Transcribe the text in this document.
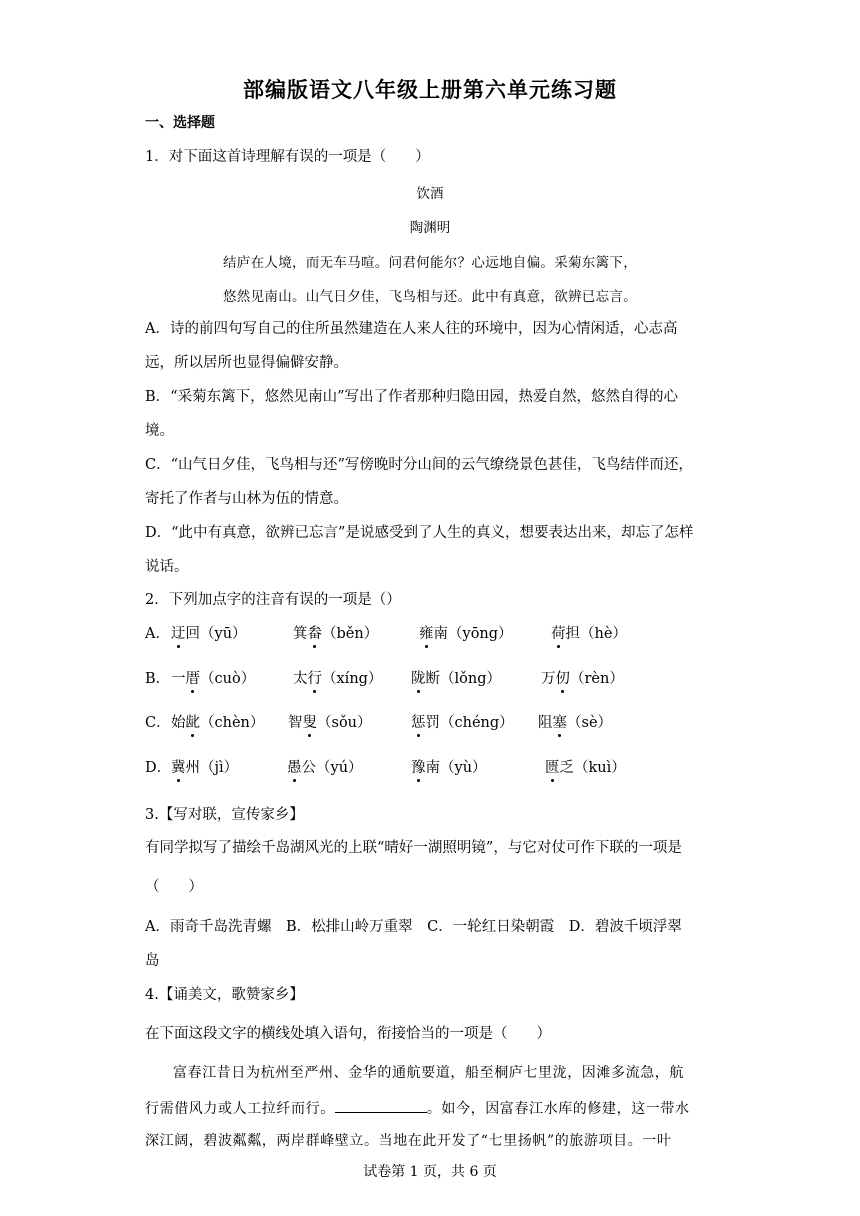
部编版语文八年级上册第六单元练习题
一、选择题
1．对下面这首诗理解有误的一项是（　　）
饮酒
陶渊明
结庐在人境，而无车马喧。问君何能尔？心远地自偏。采菊东篱下，
悠然见南山。山气日夕佳，飞鸟相与还。此中有真意，欲辨已忘言。
A．诗的前四句写自己的住所虽然建造在人来人往的环境中，因为心情闲适，心志高
远，所以居所也显得偏僻安静。
B．“采菊东篱下，悠然见南山”写出了作者那种归隐田园，热爱自然，悠然自得的心
境。
C．“山气日夕佳，飞鸟相与还”写傍晚时分山间的云气缭绕景色甚佳，飞鸟结伴而还，
寄托了作者与山林为伍的情意。
D．“此中有真意，欲辨已忘言”是说感受到了人生的真义，想要表达出来，却忘了怎样
说话。
2．下列加点字的注音有误的一项是（）
A． 迂回（yū）	箕畚（běn）	雍南（yōng）	荷担（hè）
B． 一厝（cuò）	太行（xíng） 陇断（lǒng）	万仞（rèn）
C． 始龀（chèn） 智叟（sǒu）	惩罚（chéng） 阻塞（sè）
D． 冀州（jì）	愚公（yú）	豫南（yù）	匮乏（kuì）
3.【写对联，宣传家乡】
有同学拟写了描绘千岛湖风光的上联“晴好一湖照明镜”，与它对仗可作下联的一项是
（　　）
A．雨奇千岛洗青螺　B．松排山岭万重翠　C．一轮红日染朝霞　D．碧波千顷浮翠
岛
4.【诵美文，歌赞家乡】
在下面这段文字的横线处填入语句，衔接恰当的一项是（　　）
富春江昔日为杭州至严州、金华的通航要道，船至桐庐七里泷，因滩多流急，航
行需借风力或人工拉纤而行。	。如今，因富春江水库的修建，这一带水
深江阔，碧波粼粼，两岸群峰壁立。当地在此开发了“七里扬帆”的旅游项目。一叶
试卷第 1 页，共 6 页
